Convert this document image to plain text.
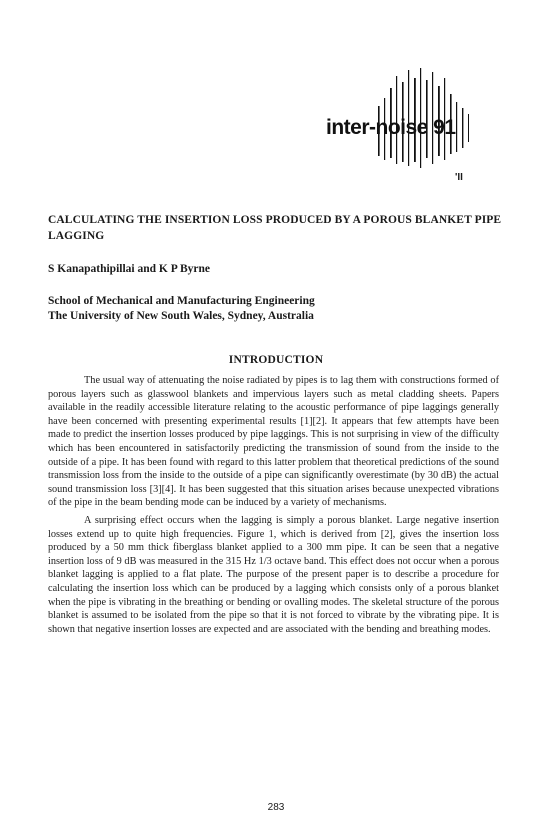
inter-noise 91
'II
CALCULATING THE INSERTION LOSS PRODUCED BY A POROUS BLANKET PIPE LAGGING
S Kanapathipillai and K P Byrne
School of Mechanical and Manufacturing Engineering
The University of New South Wales, Sydney, Australia
INTRODUCTION

The usual way of attenuating the noise radiated by pipes is to lag them with constructions formed of porous layers such as glasswool blankets and impervious layers such as metal cladding sheets. Papers available in the readily accessible literature relating to the acoustic performance of pipe laggings generally have been concerned with presenting experimental results [1][2]. It appears that few attempts have been made to predict the insertion losses produced by pipe laggings. This is not surprising in view of the difficulty which has been encountered in satisfactorily predicting the transmission of sound from the inside to the outside of a pipe. It has been found with regard to this latter problem that theoretical predictions of the sound transmission loss from the inside to the outside of a pipe can significantly overestimate (by 30 dB) the actual sound transmission loss [3][4]. It has been suggested that this situation arises because unexpected vibrations of the pipe in the beam bending mode can be induced by a variety of mechanisms.

A surprising effect occurs when the lagging is simply a porous blanket. Large negative insertion losses extend up to quite high frequencies. Figure 1, which is derived from [2], gives the insertion loss produced by a 50 mm thick fiberglass blanket applied to a 300 mm pipe. It can be seen that a negative insertion loss of 9 dB was measured in the 315 Hz 1/3 octave band. This effect does not occur when a porous blanket lagging is applied to a flat plate. The purpose of the present paper is to describe a procedure for calculating the insertion loss which can be produced by a lagging which consists only of a porous blanket when the pipe is vibrating in the breathing or bending or ovalling modes. The skeletal structure of the porous blanket is assumed to be isolated from the pipe so that it is not forced to vibrate by the vibrating pipe. It is shown that negative insertion losses are expected and are associated with the bending and breathing modes.

283
